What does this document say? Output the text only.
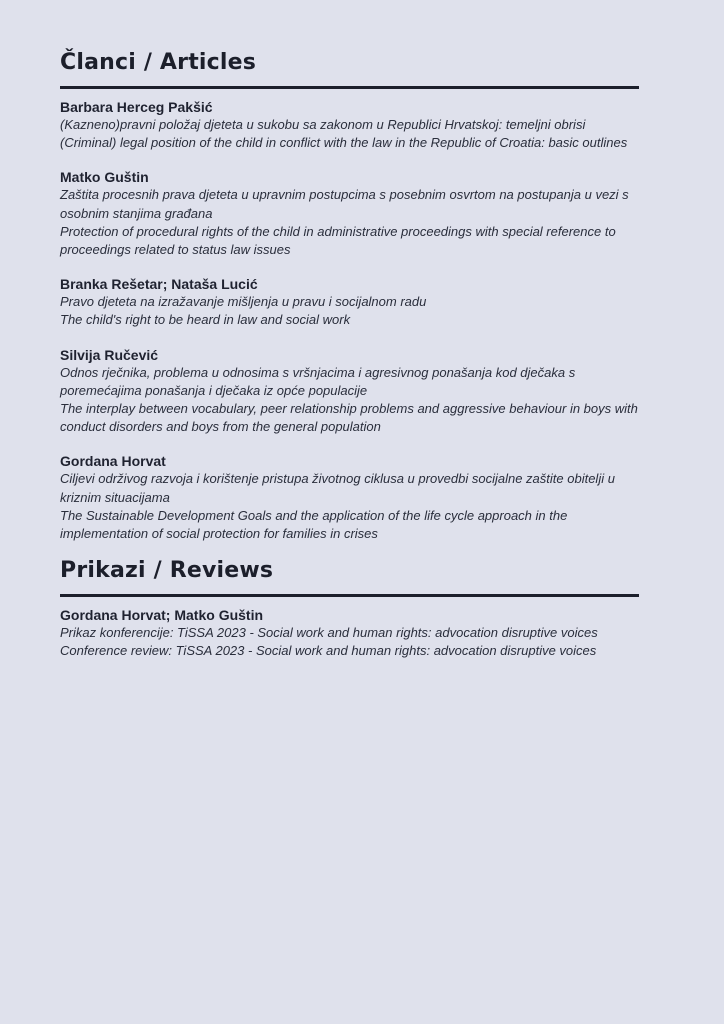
Članci / Articles
Barbara Herceg Pakšić
(Kazneno)pravni položaj djeteta u sukobu sa zakonom u Republici Hrvatskoj: temeljni obrisi
(Criminal) legal position of the child in conflict with the law in the Republic of Croatia: basic outlines
Matko Guštin
Zaštita procesnih prava djeteta u upravnim postupcima s posebnim osvrtom na postupanja u vezi s osobnim stanjima građana
Protection of procedural rights of the child in administrative proceedings with special reference to proceedings related to status law issues
Branka Rešetar; Nataša Lucić
Pravo djeteta na izražavanje mišljenja u pravu i socijalnom radu
The child's right to be heard in law and social work
Silvija Ručević
Odnos rječnika, problema u odnosima s vršnjacima i agresivnog ponašanja kod dječaka s poremećajima ponašanja i dječaka iz opće populacije
The interplay between vocabulary, peer relationship problems and aggressive behaviour in boys with conduct disorders and boys from the general population
Gordana Horvat
Ciljevi održivog razvoja i korištenje pristupa životnog ciklusa u provedbi socijalne zaštite obitelji u kriznim situacijama
The Sustainable Development Goals and the application of the life cycle approach in the implementation of social protection for families in crises
Prikazi / Reviews
Gordana Horvat; Matko Guštin
Prikaz konferencije: TiSSA 2023 - Social work and human rights: advocation disruptive voices
Conference review: TiSSA 2023 - Social work and human rights: advocation disruptive voices
